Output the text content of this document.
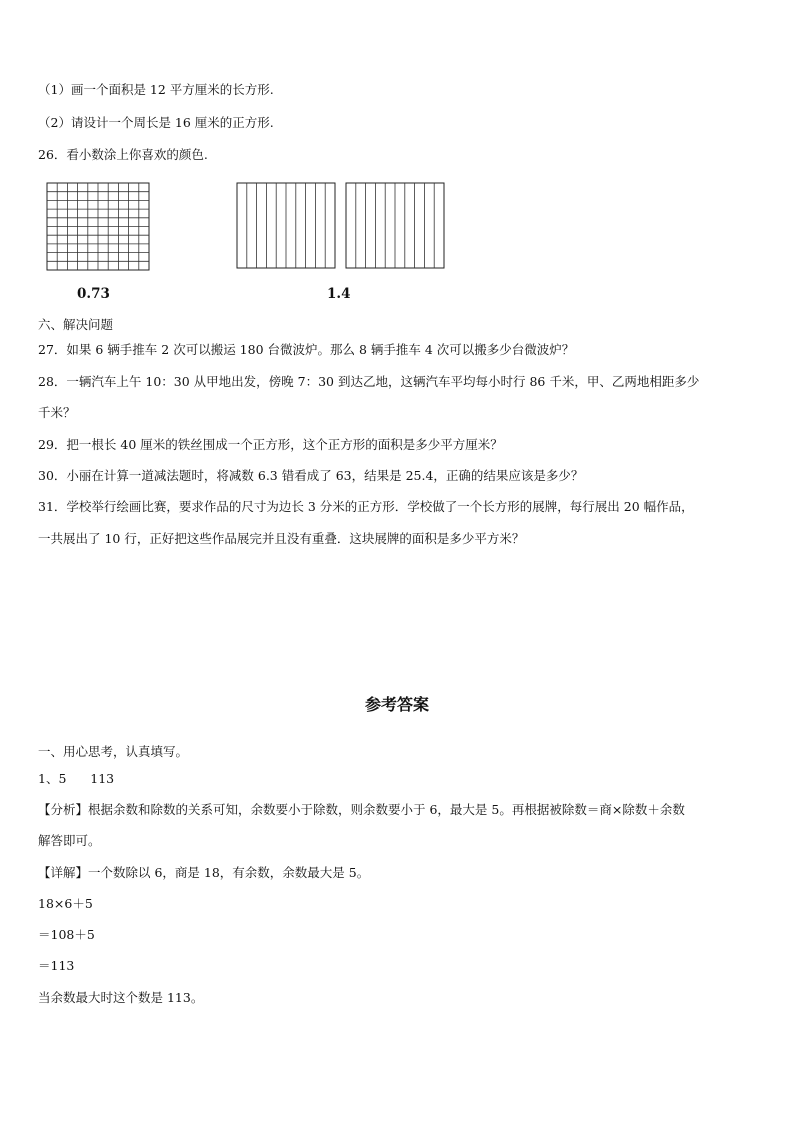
（1）画一个面积是 12 平方厘米的长方形.
（2）请设计一个周长是 16 厘米的正方形.
26．看小数涂上你喜欢的颜色.
0.73	1.4
六、解决问题
27．如果 6 辆手推车 2 次可以搬运 180 台微波炉。那么 8 辆手推车 4 次可以搬多少台微波炉？
28．一辆汽车上午 10：30 从甲地出发，傍晚 7：30 到达乙地，这辆汽车平均每小时行 86 千米，甲、乙两地相距多少
千米？
29．把一根长 40 厘米的铁丝围成一个正方形，这个正方形的面积是多少平方厘米？
30．小丽在计算一道减法题时，将减数 6.3 错看成了 63，结果是 25.4，正确的结果应该是多少？
31．学校举行绘画比赛，要求作品的尺寸为边长 3 分米的正方形．学校做了一个长方形的展牌，每行展出 20 幅作品，
一共展出了 10 行，正好把这些作品展完并且没有重叠．这块展牌的面积是多少平方米？
参考答案
一、用心思考，认真填写。
1、5      113
【分析】根据余数和除数的关系可知，余数要小于除数，则余数要小于 6，最大是 5。再根据被除数＝商×除数＋余数
解答即可。
【详解】一个数除以 6，商是 18，有余数，余数最大是 5。
18×6＋5
＝108＋5
＝113
当余数最大时这个数是 113。
